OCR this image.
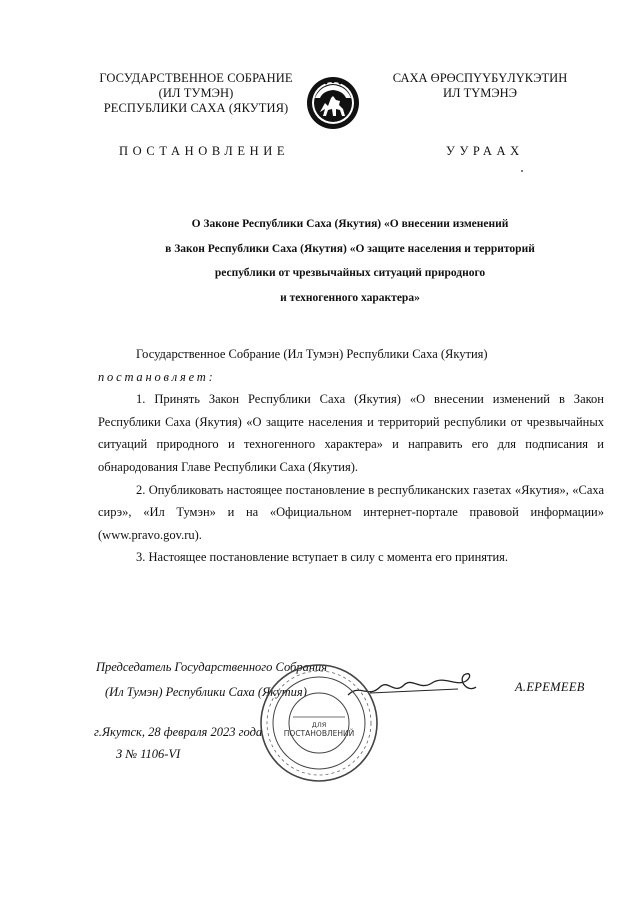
ГОСУДАРСТВЕННОЕ СОБРАНИЕ
(ИЛ ТУМЭН)
РЕСПУБЛИКИ САХА (ЯКУТИЯ)
САХА ӨРӨСПҮҮБҮЛҮКЭТИН
ИЛ ТҮМЭНЭ
ПОСТАНОВЛЕНИЕ	УУРААХ
О Законе Республики Саха (Якутия) «О внесении изменений
в Закон Республики Саха (Якутия) «О защите населения и территорий
республики от чрезвычайных ситуаций природного
и техногенного характера»

Государственное Собрание (Ил Тумэн) Республики Саха (Якутия)

постановляет:

1. Принять Закон Республики Саха (Якутия) «О внесении изменений в Закон Республики Саха (Якутия) «О защите населения и территорий республики от чрезвычайных ситуаций природного и техногенного характера» и направить его для подписания и обнародования Главе Республики Саха (Якутия).

2. Опубликовать настоящее постановление в республиканских газетах «Якутия», «Саха сирэ», «Ил Тумэн» и на «Официальном интернет-портале правовой информации» (www.pravo.gov.ru).

3. Настоящее постановление вступает в силу с момента его принятия.

Председатель Государственного Собрания
(Ил Тумэн) Республики Саха (Якутия)
ДЛЯ
ПОСТАНОВЛЕНИЙ
А.ЕРЕМЕЕВ
г.Якутск, 28 февраля 2023 года
З № 1106-VI
